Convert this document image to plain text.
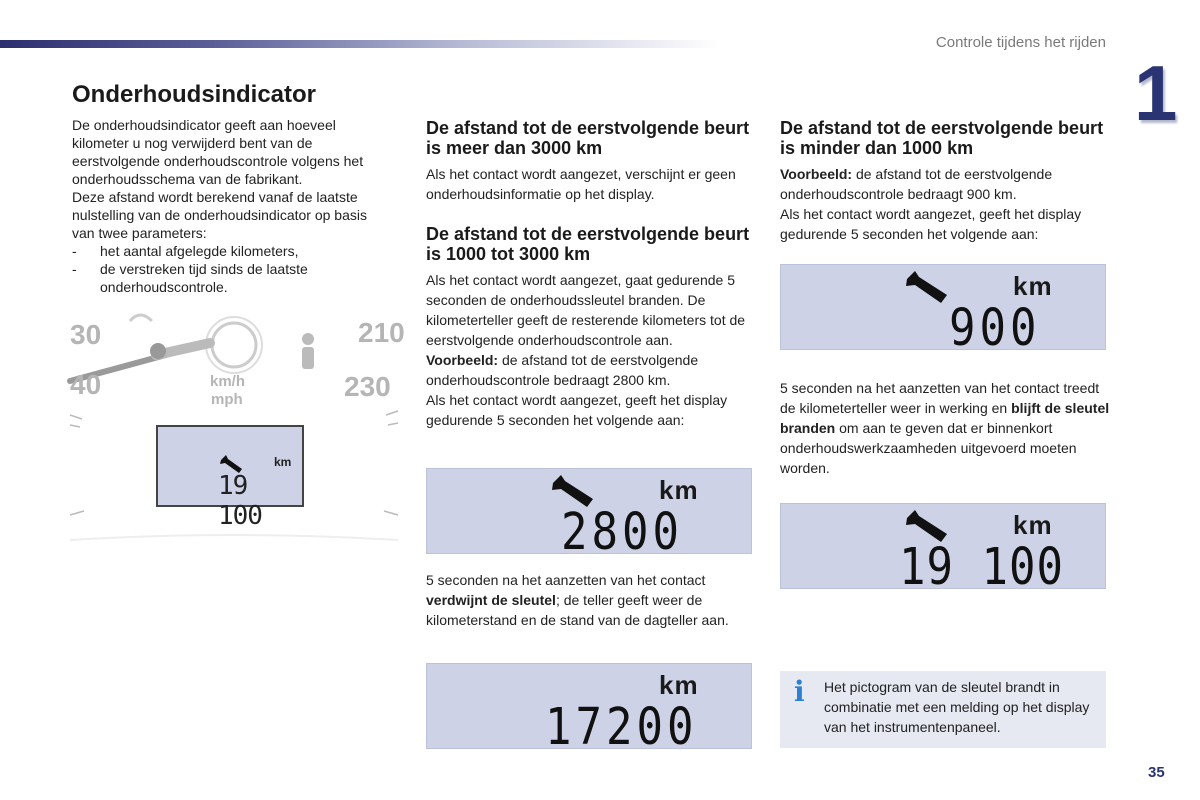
Controle tijdens het rijden
1
Onderhoudsindicator
De onderhoudsindicator geeft aan hoeveel
kilometer u nog verwijderd bent van de
eerstvolgende onderhoudscontrole volgens het
onderhoudsschema van de fabrikant.
Deze afstand wordt berekend vanaf de laatste
nulstelling van de onderhoudsindicator op basis
van twee parameters:
-	het aantal afgelegde kilometers,
-	de verstreken tijd sinds de laatste onderhoudscontrole.
30	210
40	230
km/h
mph
km
19 100
De afstand tot de eerstvolgende beurt is meer dan 3000 km
Als het contact wordt aangezet, verschijnt er geen onderhoudsinformatie op het display.
De afstand tot de eerstvolgende beurt is 1000 tot 3000 km
Als het contact wordt aangezet, gaat gedurende 5 seconden de onderhoudssleutel branden. De kilometerteller geeft de resterende kilometers tot de eerstvolgende onderhoudscontrole aan.
Voorbeeld: de afstand tot de eerstvolgende onderhoudscontrole bedraagt 2800 km.
Als het contact wordt aangezet, geeft het display gedurende 5 seconden het volgende aan:
km
2800
5 seconden na het aanzetten van het contact
verdwijnt de sleutel; de teller geeft weer de kilometerstand en de stand van de dagteller aan.
km
17200
De afstand tot de eerstvolgende beurt is minder dan 1000 km
Voorbeeld: de afstand tot de eerstvolgende onderhoudscontrole bedraagt 900 km.
Als het contact wordt aangezet, geeft het display gedurende 5 seconden het volgende aan:
km
900
5 seconden na het aanzetten van het contact treedt de kilometerteller weer in werking en blijft de sleutel branden om aan te geven dat er binnenkort onderhoudswerkzaamheden uitgevoerd moeten worden.
km
19 100
i Het pictogram van de sleutel brandt in combinatie met een melding op het display van het instrumentenpaneel.
35
